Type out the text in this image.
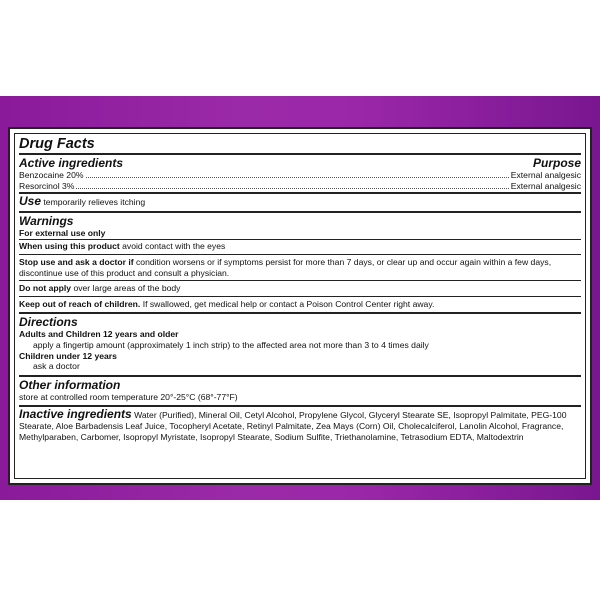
Drug Facts
Active ingredients	Purpose
Benzocaine 20%	External analgesic
Resorcinol 3%	External analgesic
Use temporarily relieves itching
Warnings
For external use only
When using this product avoid contact with the eyes
Stop use and ask a doctor if condition worsens or if symptoms persist for more than 7 days, or clear up and occur again within a few days, discontinue use of this product and consult a physician.
Do not apply over large areas of the body
Keep out of reach of children. If swallowed, get medical help or contact a Poison Control Center right away.
Directions
Adults and Children 12 years and older
apply a fingertip amount (approximately 1 inch strip) to the affected area not more than 3 to 4 times daily
Children under 12 years
ask a doctor
Other information
store at controlled room temperature 20°-25°C (68°-77°F)
Inactive ingredients Water (Purified), Mineral Oil, Cetyl Alcohol, Propylene Glycol, Glyceryl Stearate SE, Isopropyl Palmitate, PEG-100 Stearate, Aloe Barbadensis Leaf Juice, Tocopheryl Acetate, Retinyl Palmitate, Zea Mays (Corn) Oil, Cholecalciferol, Lanolin Alcohol, Fragrance, Methylparaben, Carbomer, Isopropyl Myristate, Isopropyl Stearate, Sodium Sulfite, Triethanolamine, Tetrasodium EDTA, Maltodextrin
